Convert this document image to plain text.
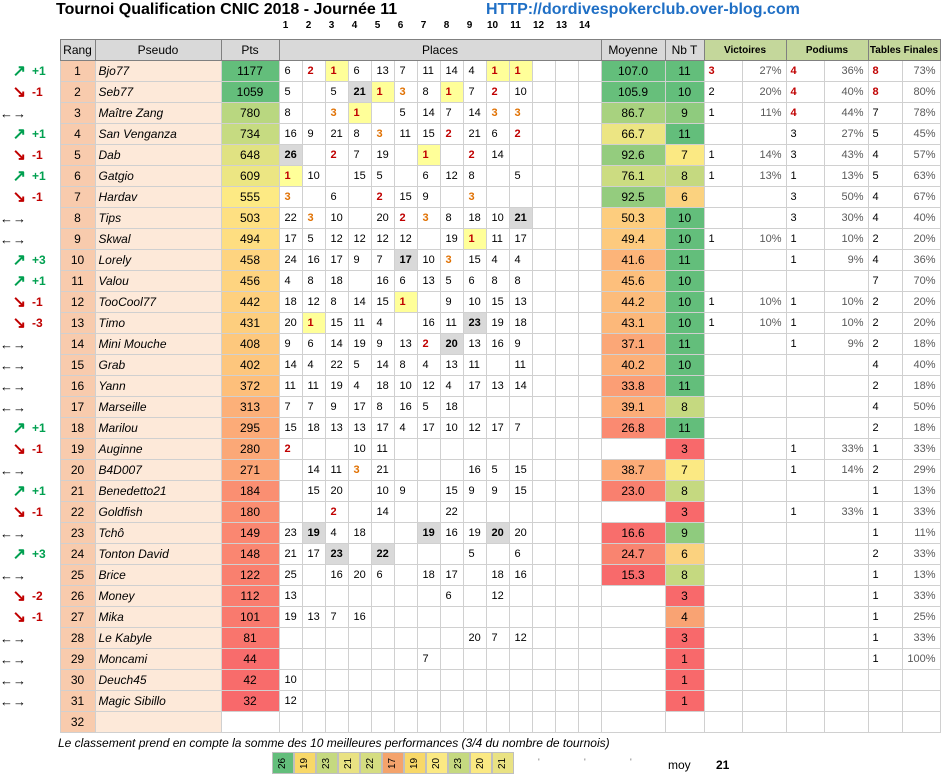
Tournoi Qualification CNIC 2018 - Journée 11	HTTP://dordivespokerclub.over-blog.com
1	2	3	4	5	6	7	8	9	10	11	12	13	14
		Rang	Pseudo	Pts	Places														Moyenne	Nb T	Victoires		Podiums		Tables Finales	
↗	+1	1	Bjo77	1177	6	2	1	6	13	7	11	14	4	1	1				107.0	11	3	27%	4	36%	8	73%
↘	-1	2	Seb77	1059	5		5	21	1	3	8	1	7	2	10				105.9	10	2	20%	4	40%	8	80%
←→		3	Maître Zang	780	8		3	1		5	14	7	14	3	3				86.7	9	1	11%	4	44%	7	78%
↗	+1	4	San Venganza	734	16	9	21	8	3	11	15	2	21	6	2				66.7	11			3	27%	5	45%
↘	-1	5	Dab	648	26		2	7	19		1		2	14					92.6	7	1	14%	3	43%	4	57%
↗	+1	6	Gatgio	609	1	10		15	5		6	12	8		5				76.1	8	1	13%	1	13%	5	63%
↘	-1	7	Hardav	555	3		6		2	15	9		3						92.5	6			3	50%	4	67%
←→		8	Tips	503	22	3	10		20	2	3	8	18	10	21				50.3	10			3	30%	4	40%
←→		9	Skwal	494	17	5	12	12	12	12		19	1	11	17				49.4	10	1	10%	1	10%	2	20%
↗	+3	10	Lorely	458	24	16	17	9	7	17	10	3	15	4	4				41.6	11			1	9%	4	36%
↗	+1	11	Valou	456	4	8	18		16	6	13	5	6	8	8				45.6	10					7	70%
↘	-1	12	TooCool77	442	18	12	8	14	15	1		9	10	15	13				44.2	10	1	10%	1	10%	2	20%
↘	-3	13	Timo	431	20	1	15	11	4		16	11	23	19	18				43.1	10	1	10%	1	10%	2	20%
←→		14	Mini Mouche	408	9	6	14	19	9	13	2	20	13	16	9				37.1	11			1	9%	2	18%
←→		15	Grab	402	14	4	22	5	14	8	4	13	11		11				40.2	10					4	40%
←→		16	Yann	372	11	11	19	4	18	10	12	4	17	13	14				33.8	11					2	18%
←→		17	Marseille	313	7	7	9	17	8	16	5	18							39.1	8					4	50%
↗	+1	18	Marilou	295	15	18	13	13	17	4	17	10	12	17	7				26.8	11					2	18%
↘	-1	19	Auginne	280	2			10	11											3			1	33%	1	33%
←→		20	B4D007	271		14	11	3	21				16	5	15				38.7	7			1	14%	2	29%
↗	+1	21	Benedetto21	184		15	20		10	9		15	9	9	15				23.0	8					1	13%
↘	-1	22	Goldfish	180			2		14			22								3			1	33%	1	33%
←→		23	Tchô	149	23	19	4	18			19	16	19	20	20				16.6	9					1	11%
↗	+3	24	Tonton David	148	21	17	23		22				5		6				24.7	6					2	33%
←→		25	Brice	122	25		16	20	6		18	17		18	16				15.3	8					1	13%
↘	-2	26	Money	112	13							6		12						3					1	33%
↘	-1	27	Mika	101	19	13	7	16												4					1	25%
←→		28	Le Kabyle	81									20	7	12					3					1	33%
←→		29	Moncami	44							7									1					1	100%
←→		30	Deuch45	42	10															1						
←→		31	Magic Sibillo	32	12															1						
		32																								
Le classement prend en compte la somme des 10 meilleures performances (3/4 du nombre de tournois)
26	19	23	21	22	17	19	20	23	20	21	'	'	'	moy 21
